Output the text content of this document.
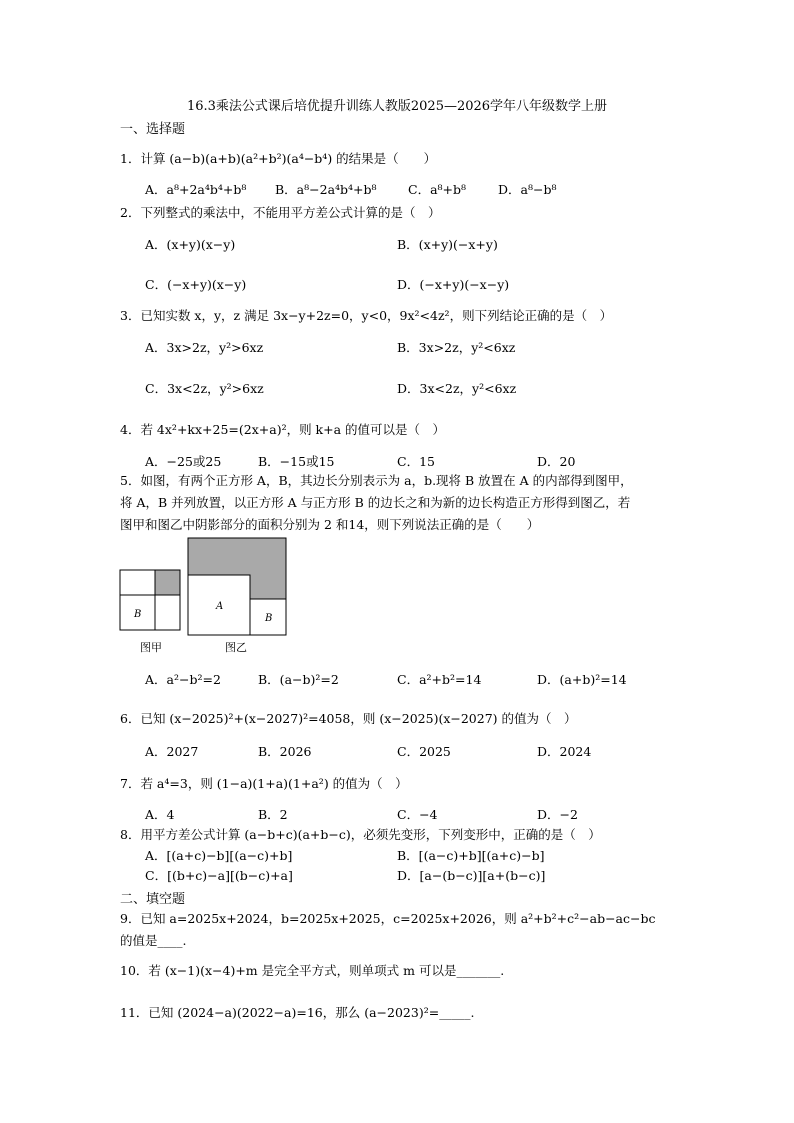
16.3乘法公式课后培优提升训练人教版2025—2026学年八年级数学上册
一、选择题
1．计算 (a−b)(a+b)(a²+b²)(a⁴−b⁴) 的结果是（　　）
A．a⁸+2a⁴b⁴+b⁸ B．a⁸−2a⁴b⁴+b⁸	C．a⁸+b⁸	D．a⁸−b⁸
2．下列整式的乘法中，不能用平方差公式计算的是（　）
A．(x+y)(x−y)	B．(x+y)(−x+y)
C．(−x+y)(x−y)	D．(−x+y)(−x−y)
3．已知实数 x，y，z 满足 3x−y+2z=0，y<0，9x²<4z²，则下列结论正确的是（　）
A．3x>2z，y²>6xz	B．3x>2z，y²<6xz
C．3x<2z，y²>6xz	D．3x<2z，y²<6xz
4．若 4x²+kx+25=(2x+a)²，则 k+a 的值可以是（　）
A．−25或25	B．−15或15	C．15	D．20
5．如图，有两个正方形 A，B，其边长分别表示为 a，b.现将 B 放置在 A 的内部得到图甲，
将 A，B 并列放置，以正方形 A 与正方形 B 的边长之和为新的边长构造正方形得到图乙，若
图甲和图乙中阴影部分的面积分别为 2 和14，则下列说法正确的是（　　）
B
A
B
图甲	图乙
A．a²−b²=2	B．(a−b)²=2	C．a²+b²=14	D．(a+b)²=14
6．已知 (x−2025)²+(x−2027)²=4058，则 (x−2025)(x−2027) 的值为（　）
A．2027	B．2026	C．2025	D．2024
7．若 a⁴=3，则 (1−a)(1+a)(1+a²) 的值为（　）
A．4	B．2	C．−4	D．−2
8．用平方差公式计算 (a−b+c)(a+b−c)，必须先变形，下列变形中，正确的是（　）
A．[(a+c)−b][(a−c)+b]	B．[(a−c)+b][(a+c)−b]
C．[(b+c)−a][(b−c)+a]	D．[a−(b−c)][a+(b−c)]
二、填空题
9．已知 a=2025x+2024，b=2025x+2025，c=2025x+2026，则 a²+b²+c²−ab−ac−bc
的值是____.
10．若 (x−1)(x−4)+m 是完全平方式，则单项式 m 可以是_______.
11．已知 (2024−a)(2022−a)=16，那么 (a−2023)²=_____.
